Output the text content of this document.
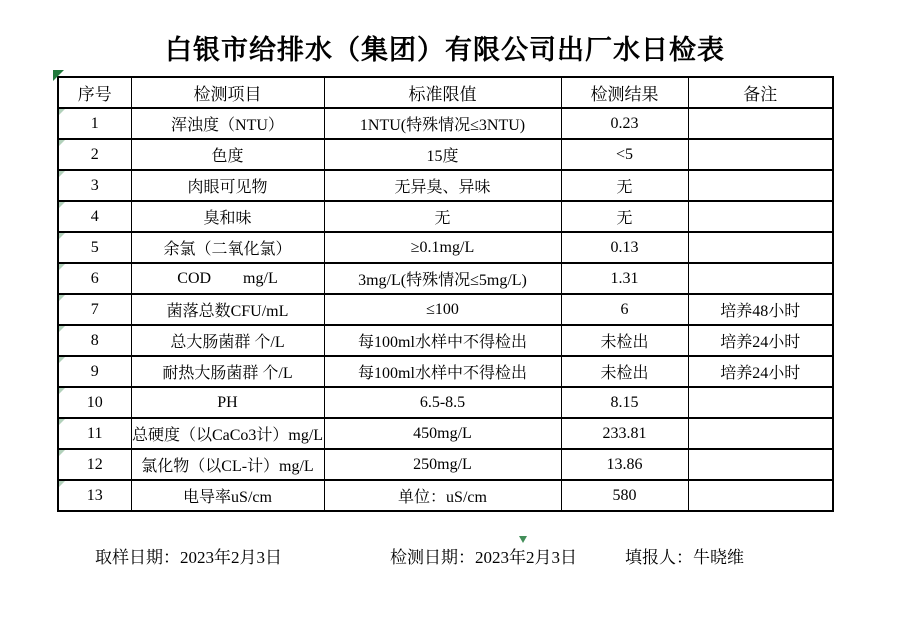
白银市给排水（集团）有限公司出厂水日检表
序号	检测项目	标准限值	检测结果	备注

1	浑浊度（NTU）	1NTU(特殊情况≤3NTU)	0.23	

2	色度	15度	<5	

3	肉眼可见物	无异臭、异味	无	

4	臭和味	无	无	

5	余氯（二氧化氯）	≥0.1mg/L	0.13	

6	COD        mg/L	3mg/L(特殊情况≤5mg/L)	1.31	

7	菌落总数CFU/mL	≤100	6	培养48小时

8	总大肠菌群 个/L	每100ml水样中不得检出	未检出	培养24小时

9	耐热大肠菌群 个/L	每100ml水样中不得检出	未检出	培养24小时

10	PH	6.5-8.5	8.15	

11	总硬度（以CaCo3计）mg/L	450mg/L	233.81	

12	氯化物（以CL-计）mg/L	250mg/L	13.86	

13	电导率uS/cm	单位：uS/cm	580	
取样日期：2023年2月3日	检测日期：2023年2月3日	填报人：牛晓维
